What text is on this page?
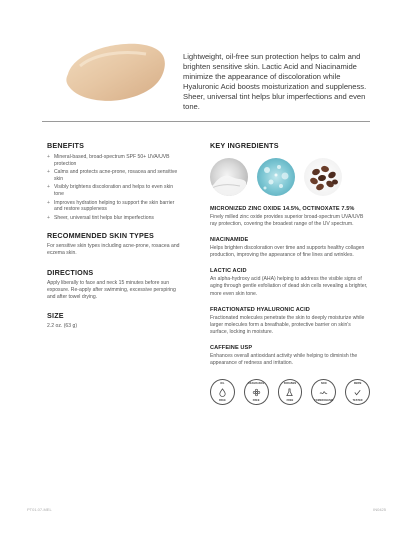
Lightweight, oil-free sun protection helps to calm and brighten sensitive skin. Lactic Acid and Niacinamide minimize the appearance of discoloration while Hyaluronic Acid boosts moisturization and suppleness. Sheer, universal tint helps blur imperfections and even tone.

BENEFITS
+ Mineral-based, broad-spectrum SPF 50+ UVA/UVB protection
+ Calms and protects acne-prone, rosacea and sensitive skin
+ Visibly brightens discoloration and helps to even skin tone
+ Improves hydration helping to support the skin barrier and restore suppleness
+ Sheer, universal tint helps blur imperfections
RECOMMENDED SKIN TYPES

For sensitive skin types including acne-prone, rosacea and eczema skin.

DIRECTIONS

Apply liberally to face and neck 15 minutes before sun exposure. Re-apply after swimming, excessive perspiring and after towel drying.

SIZE

2.2 oz. (63 g)

KEY INGREDIENTS
MICRONIZED ZINC OXIDE 14.5%, OCTINOXATE 7.5%

Finely milled zinc oxide provides superior broad-spectrum UVA/UVB ray protection, covering the broadest range of the UV spectrum.

NIACINAMIDE

Helps brighten discoloration over time and supports healthy collagen production, improving the appearance of fine lines and wrinkles.

LACTIC ACID

An alpha-hydroxy acid (AHA) helping to address the visible signs of aging through gentle exfoliation of dead skin cells revealing a brighter, more even skin tone.

FRACTIONATED HYALURONIC ACID

Fractionated molecules penetrate the skin to deeply moisturize while larger molecules form a breathable, protective barrier on skin's surface, locking in moisture.

CAFFEINE USP

Enhances overall antioxidant activity while helping to diminish the appearance of redness and irritation.

OIL
FREE
FRAGRANCE
FREE
PARABEN
FREE
NON
COMEDOGENIC
DERM
TESTED
PT01.07-MEL	IN0425
